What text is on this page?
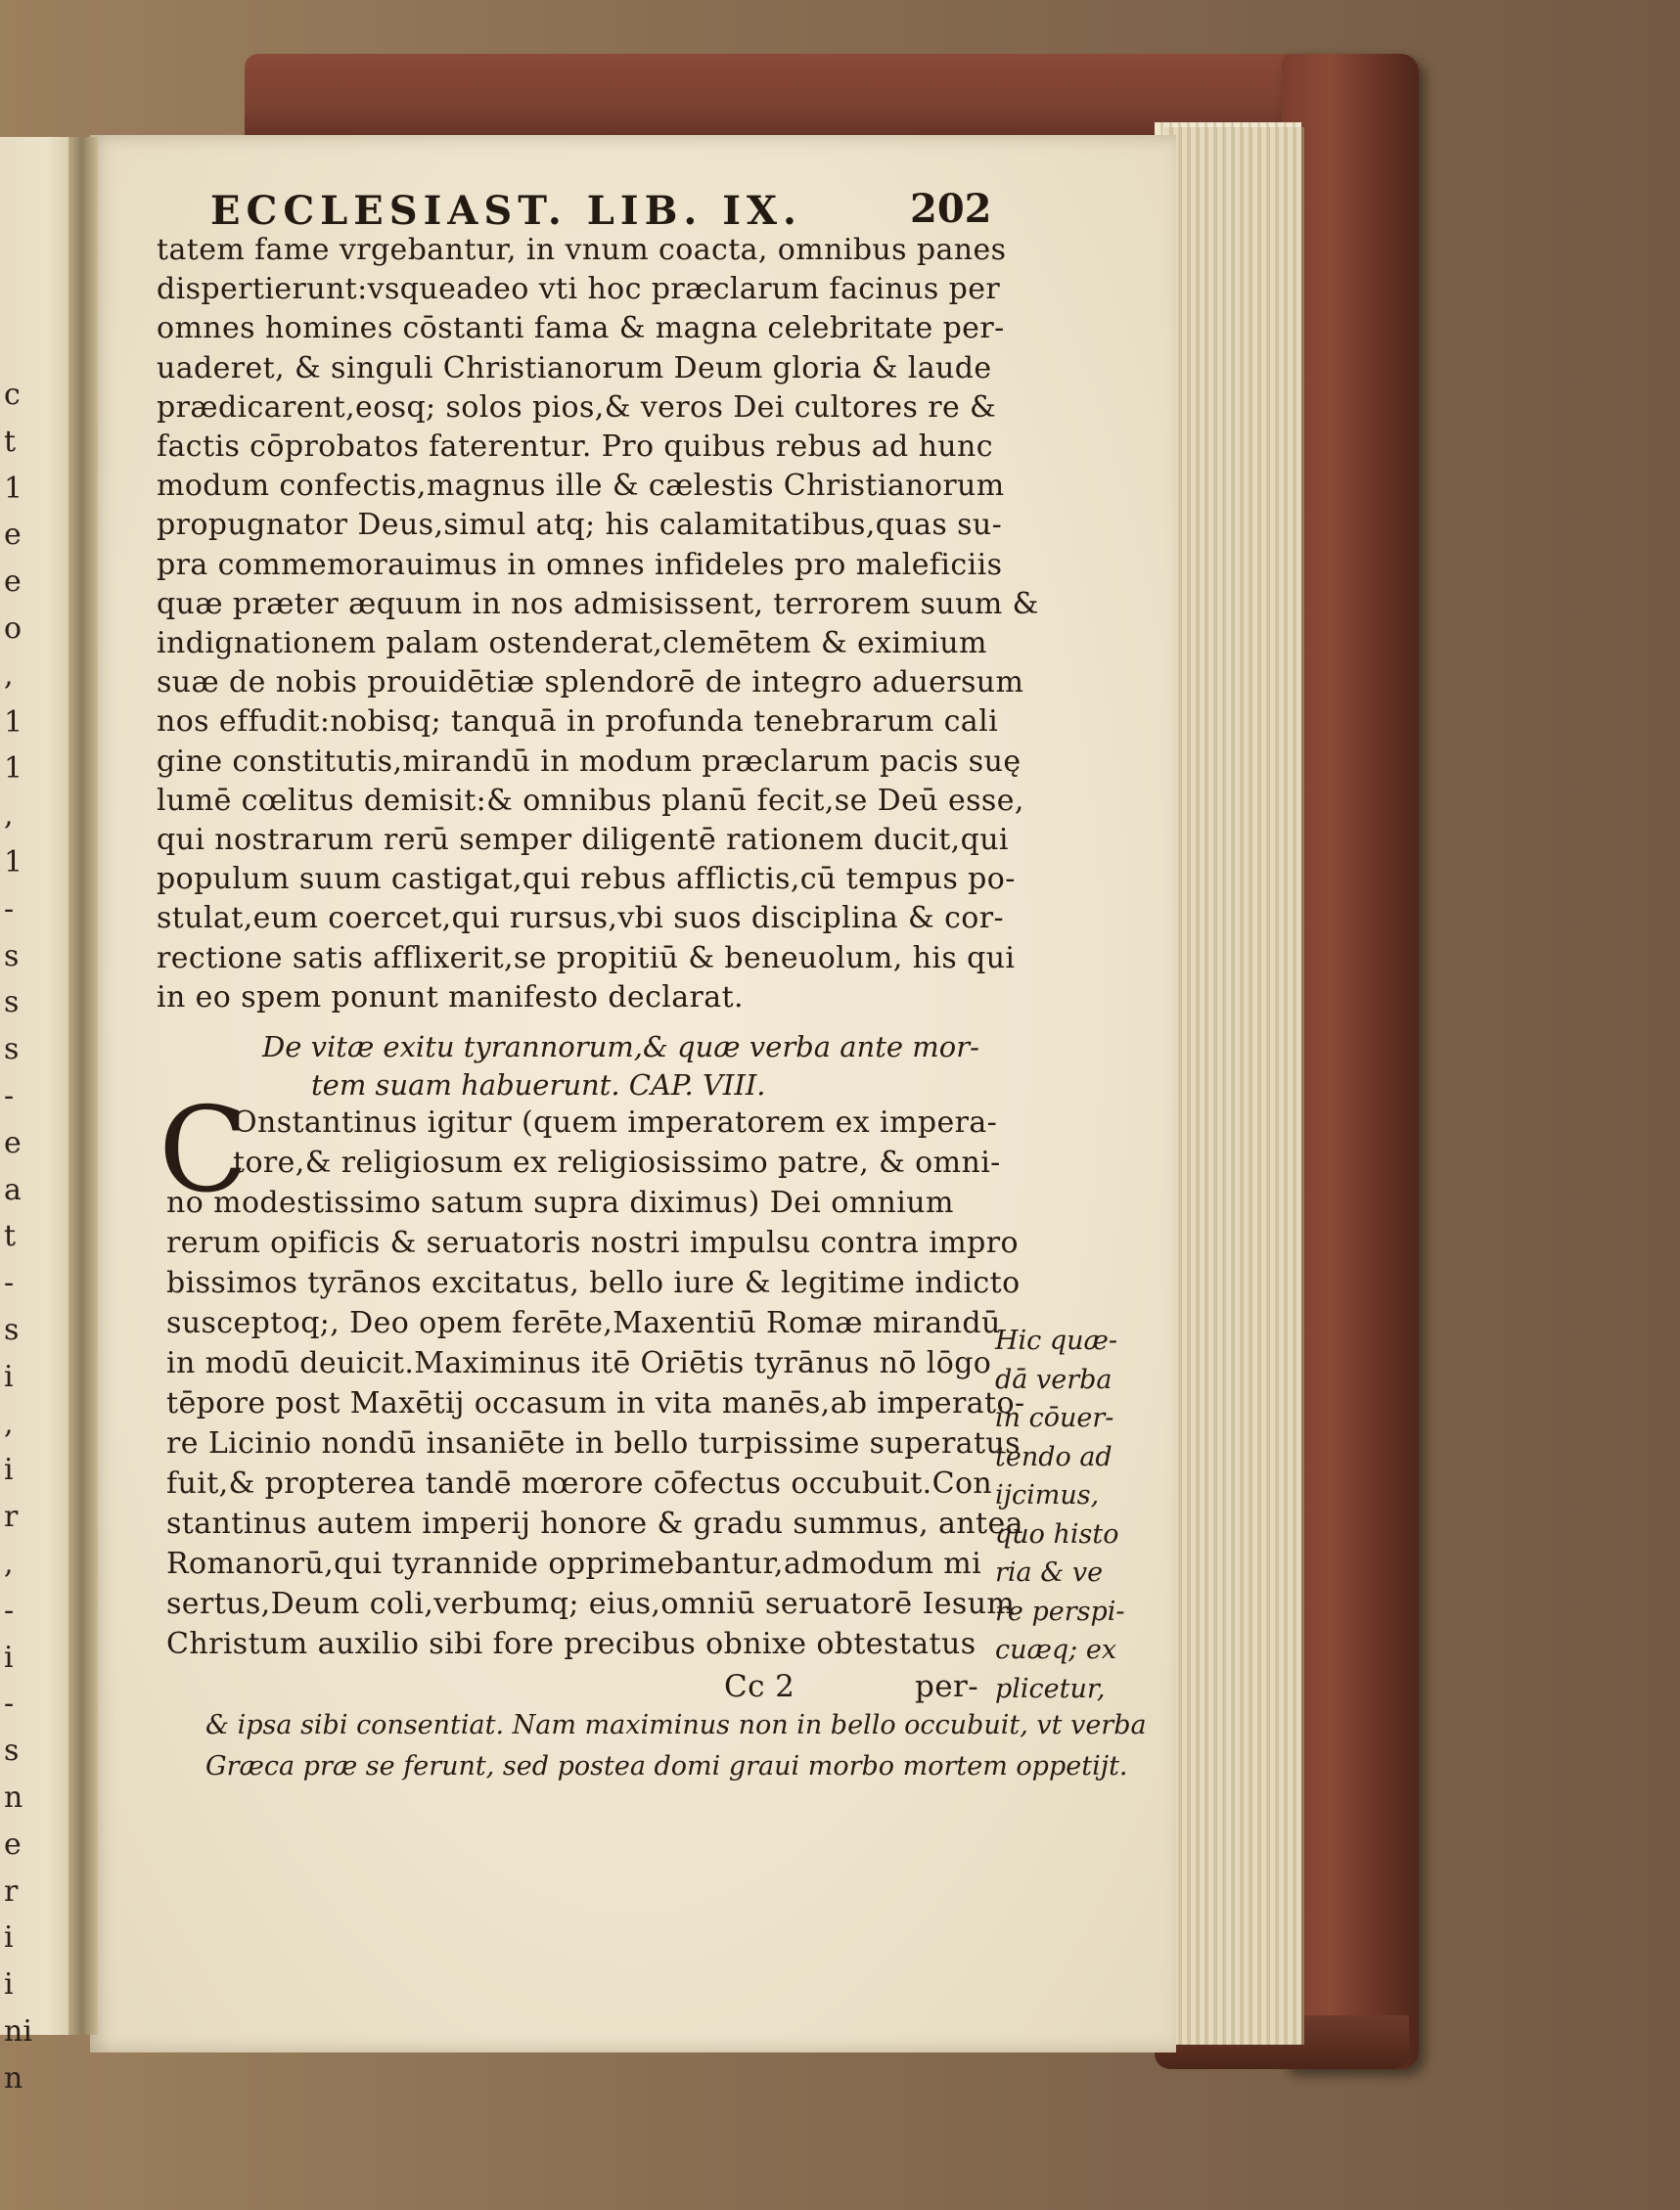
c
t
1
e
e
o
,
1
1
,
1
-
s
s
s
-
e
a
t
-
s
i
,
i
r
,
-
i
-
s
n
e
r
i
i
ni
n
ECCLESIAST. LIB. IX.	202
tatem fame vrgebantur, in vnum coacta, omnibus panes
dispertierunt:vsqueadeo vti hoc præclarum facinus per
omnes homines cōstanti fama & magna celebritate per-
uaderet, & singuli Christianorum Deum gloria & laude
prædicarent,eosq; solos pios,& veros Dei cultores re &
factis cōprobatos faterentur. Pro quibus rebus ad hunc
modum confectis,magnus ille & cælestis Christianorum
propugnator Deus,simul atq; his calamitatibus,quas su-
pra commemorauimus in omnes infideles pro maleficiis
quæ præter æquum in nos admisissent, terrorem suum &
indignationem palam ostenderat,clemētem & eximium
suæ de nobis prouidētiæ splendorē de integro aduersum
nos effudit:nobisq; tanquā in profunda tenebrarum cali
gine constitutis,mirandū in modum præclarum pacis suę
lumē cœlitus demisit:& omnibus planū fecit,se Deū esse,
qui nostrarum rerū semper diligentē rationem ducit,qui
populum suum castigat,qui rebus afflictis,cū tempus po-
stulat,eum coercet,qui rursus,vbi suos disciplina & cor-
rectione satis afflixerit,se propitiū & beneuolum, his qui
in eo spem ponunt manifesto declarat.
De vitæ exitu tyrannorum,& quæ verba ante mor-
tem suam habuerunt. CAP. VIII.
C
Onstantinus igitur (quem imperatorem ex impera-
tore,& religiosum ex religiosissimo patre, & omni-
no modestissimo satum supra diximus) Dei omnium
rerum opificis & seruatoris nostri impulsu contra impro
bissimos tyrānos excitatus, bello iure & legitime indicto
susceptoq;, Deo opem ferēte,Maxentiū Romæ mirandū
in modū deuicit.Maximinus itē Oriētis tyrānus nō lōgo
tēpore post Maxētij occasum in vita manēs,ab imperato-
re Licinio nondū insaniēte in bello turpissime superatus
fuit,& propterea tandē mœrore cōfectus occubuit.Con
stantinus autem imperij honore & gradu summus, antea
Romanorū,qui tyrannide opprimebantur,admodum mi
sertus,Deum coli,verbumq; eius,omniū seruatorē Iesum
Christum auxilio sibi fore precibus obnixe obtestatus
Cc 2	per-
Hic quæ-
dā verba
in cōuer-
tendo ad
ijcimus,
quo histo
ria & ve
re perspi-
cuæq; ex
plicetur,
& ipsa sibi consentiat. Nam maximinus non in bello occubuit, vt verba
Græca præ se ferunt, sed postea domi graui morbo mortem oppetijt.
